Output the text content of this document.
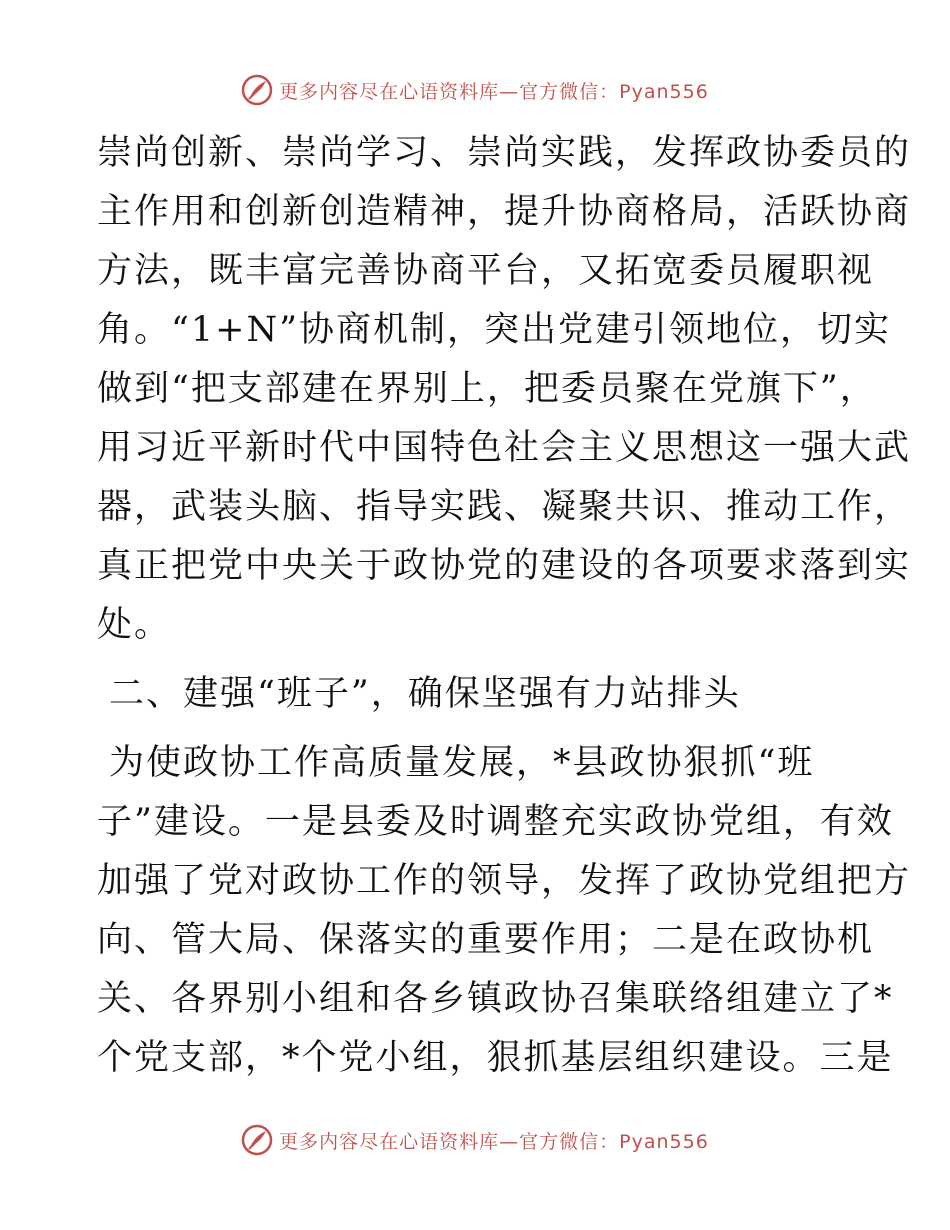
更多内容尽在心语资料库—官方微信：Pyan556
崇尚创新、崇尚学习、崇尚实践，发挥政协委员的
主作用和创新创造精神，提升协商格局，活跃协商
方法，既丰富完善协商平台，又拓宽委员履职视
角。“1+N”协商机制，突出党建引领地位，切实
做到“把支部建在界别上，把委员聚在党旗下”，
用习近平新时代中国特色社会主义思想这一强大武
器，武装头脑、指导实践、凝聚共识、推动工作，
真正把党中央关于政协党的建设的各项要求落到实
处。
二、建强“班子”，确保坚强有力站排头
为使政协工作高质量发展，*县政协狠抓“班
子”建设。一是县委及时调整充实政协党组，有效
加强了党对政协工作的领导，发挥了政协党组把方
向、管大局、保落实的重要作用；二是在政协机
关、各界别小组和各乡镇政协召集联络组建立了*
个党支部，*个党小组，狠抓基层组织建设。三是
更多内容尽在心语资料库—官方微信：Pyan556
